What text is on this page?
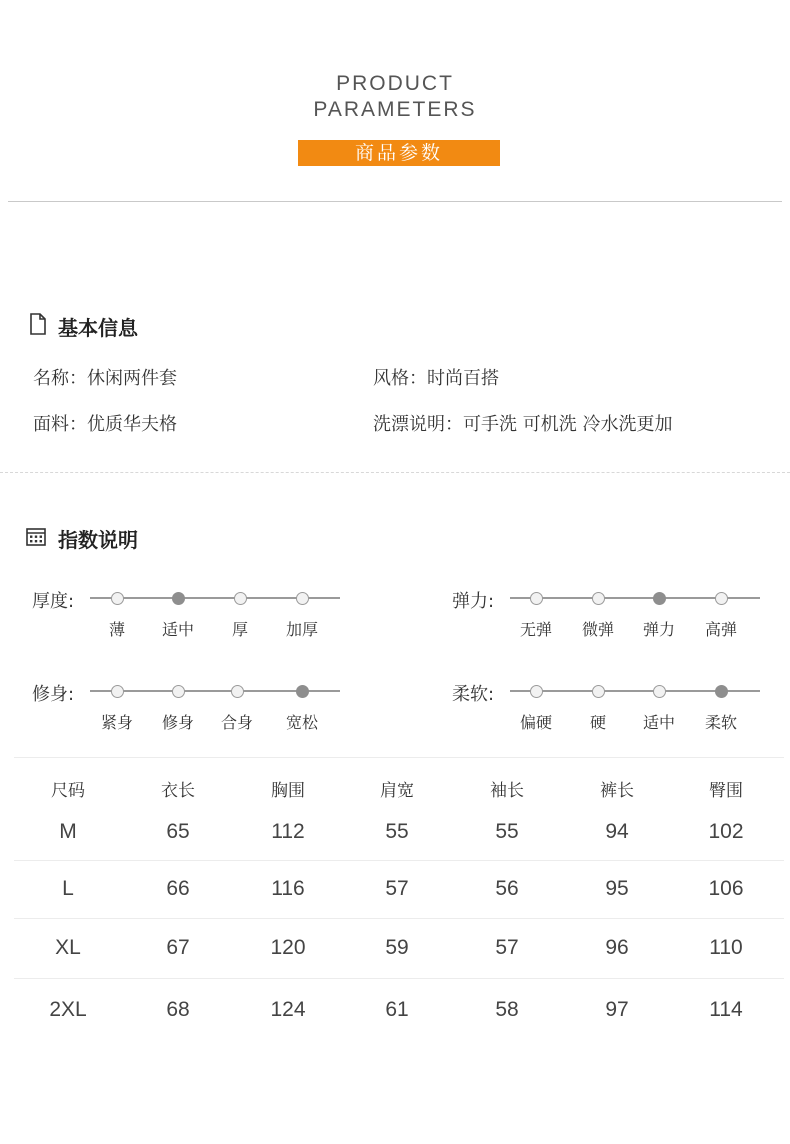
PRODUCT
PARAMETERS
商品参数
基本信息
名称：休闲两件套	风格：时尚百搭
面料：优质华夫格	洗漂说明：可手洗 可机洗 冷水洗更加
指数说明
厚度:
薄	适中	厚	加厚
弹力:
无弹	微弹	弹力	高弹
修身:
紧身	修身	合身	宽松
柔软:
偏硬	硬	适中	柔软
尺码	衣长	胸围	肩宽	袖长	裤长	臀围
M	65	112	55	55	94	102
L	66	116	57	56	95	106
XL	67	120	59	57	96	110
2XL	68	124	61	58	97	114
